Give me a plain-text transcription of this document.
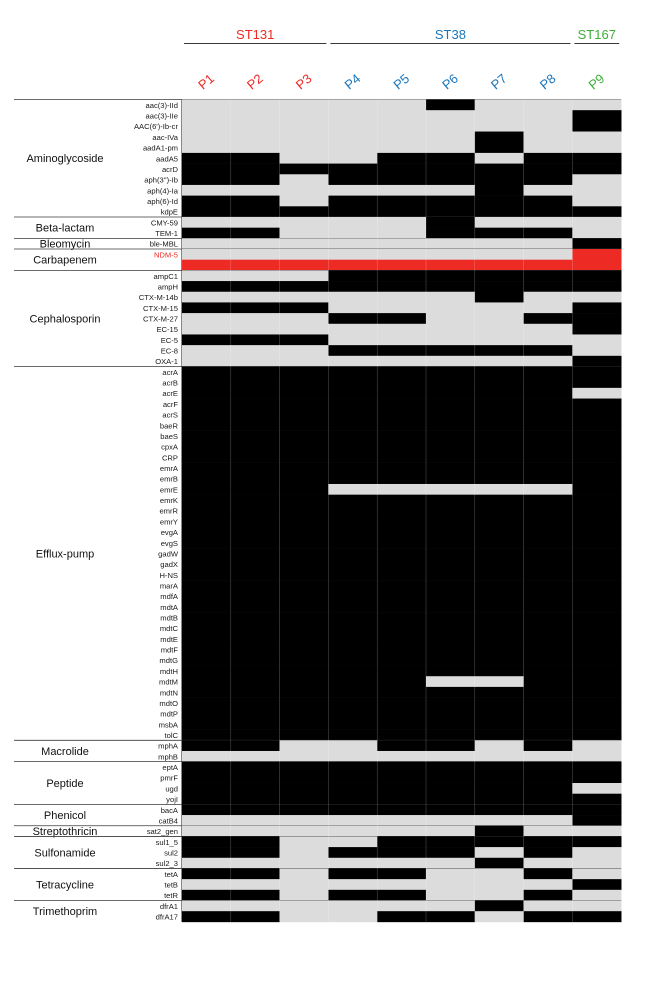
ST131	ST38	ST167
P1 P2 P3 P4 P5 P6 P7 P8 P9
aac(3)-IId
aac(3)-IIe
AAC(6')-Ib-cr
aac-IVa
aadA1-pm
aadA5
acrD
aph(3'')-Ib
aph(4)-Ia
aph(6)-Id
kdpE
Aminoglycoside
CMY-59
TEM-1
Beta-lactam
ble-MBL
Bleomycin
NDM-5
OXA-244
Carbapenem
ampC1
ampH
CTX-M-14b
CTX-M-15
CTX-M-27
EC-15
EC-5
EC-8
OXA-1
Cephalosporin
acrA
acrB
acrE
acrF
acrS
baeR
baeS
cpxA
CRP
emrA
emrB
emrE
emrK
emrR
emrY
evgA
evgS
gadW
gadX
H-NS
marA
mdfA
mdtA
mdtB
mdtC
mdtE
mdtF
mdtG
mdtH
mdtM
mdtN
mdtO
mdtP
msbA
tolC
Efflux-pump
mphA
mphB
Macrolide
eptA
pmrF
ugd
yojI
Peptide
bacA
catB4
Phenicol
sat2_gen
Streptothricin
sul1_5
sul2
sul2_3
Sulfonamide
tetA
tetB
tetR
Tetracycline
dfrA1
dfrA17
Trimethoprim
